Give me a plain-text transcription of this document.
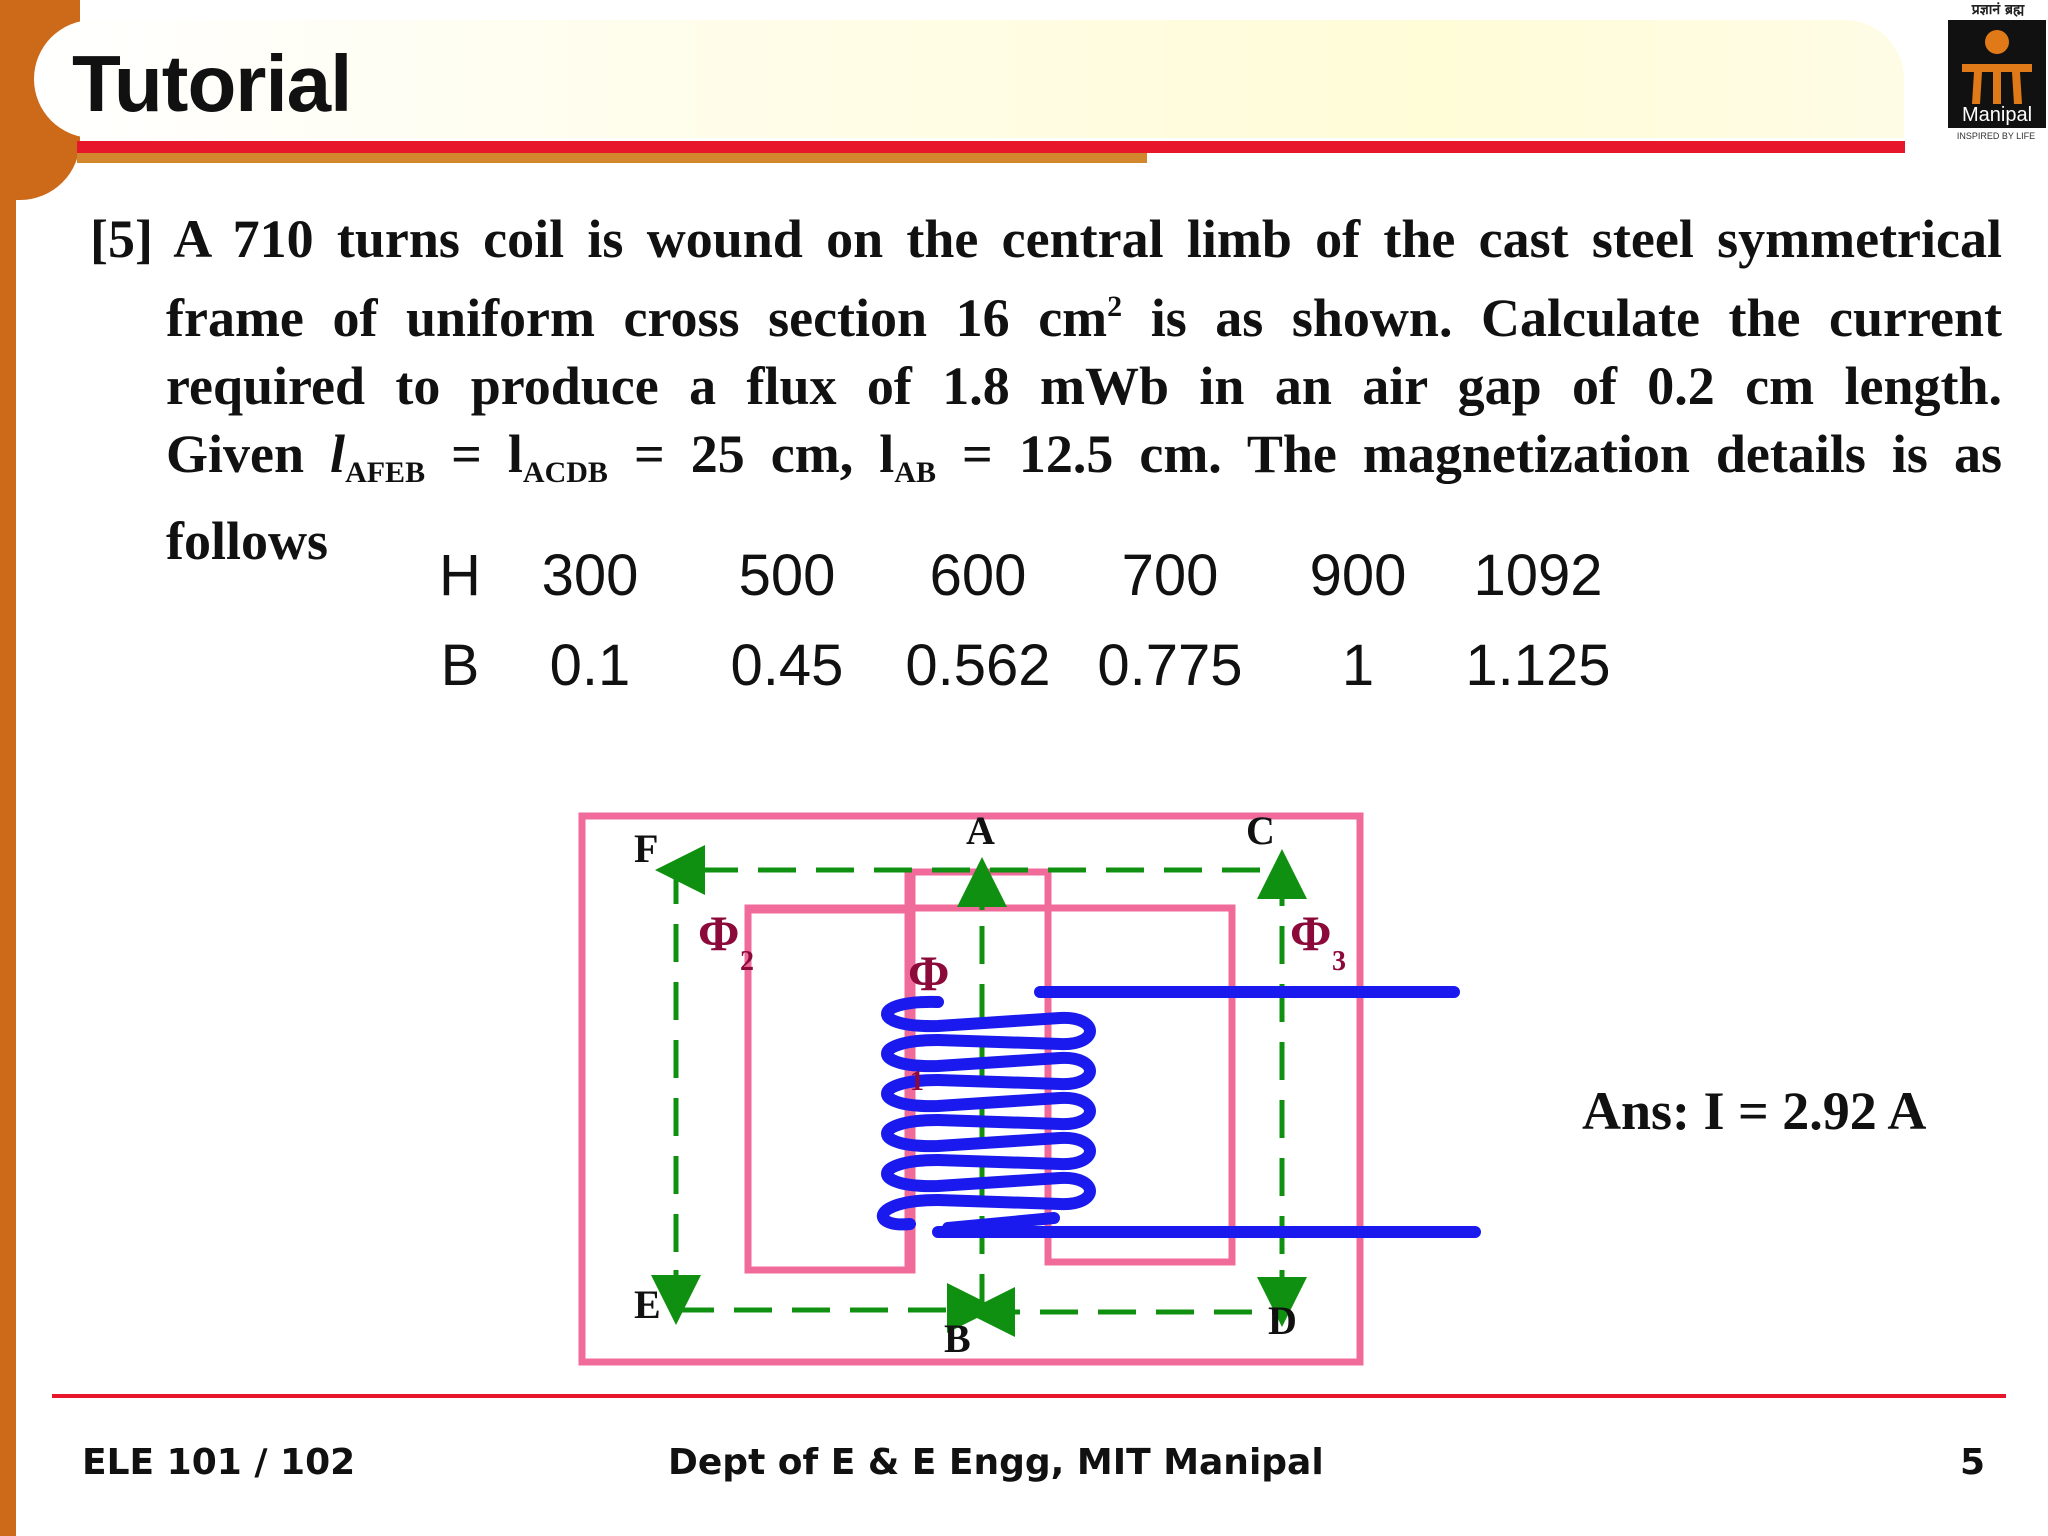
Tutorial
प्रज्ञानं ब्रह्म
Manipal
INSPIRED BY LIFE
[5] A 710 turns coil is wound on the central limb of the cast steel symmetrical
frame of uniform cross section 16 $cm^2$ is as shown. Calculate the current
required to produce a flux of 1.8 mWb in an air gap of 0.2 cm length.
Given $l_{AFEB} = l_{ACDB} = 25$ cm, $l_{AB} = 12.5$ cm. The magnetization details is as
follows
H	300	500	600	700	900	1092
B	0.1	0.45	0.562	0.775	1	1.125
F	A	C
E
B	D
Φ
1
Φ
2
Φ
3
Ans: I = 2.92 A
ELE 101 / 102	Dept of E & E Engg, MIT Manipal	5
